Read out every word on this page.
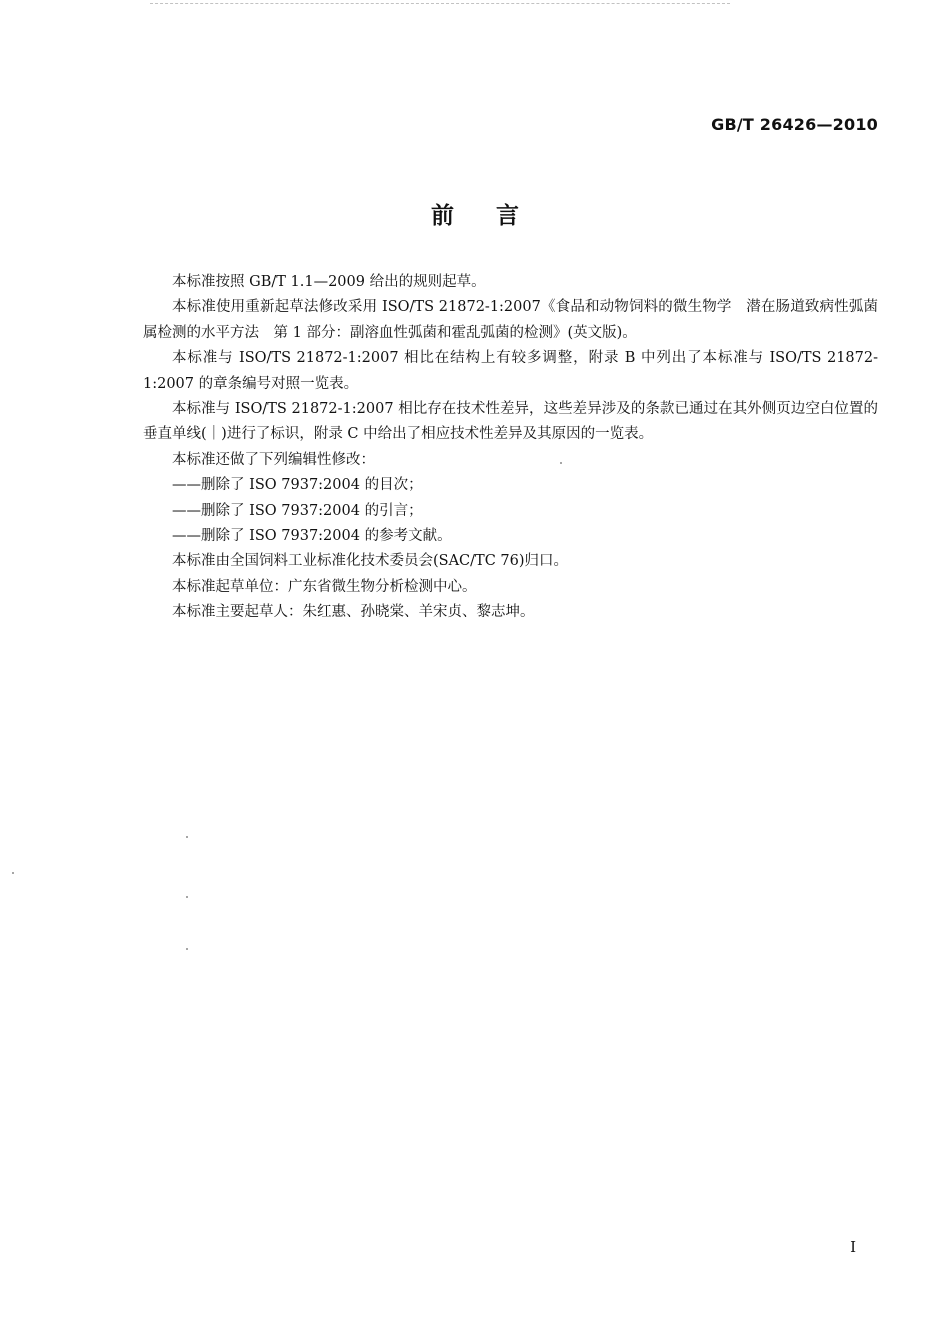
GB/T 26426—2010
前言

本标准按照 GB/T 1.1—2009 给出的规则起草。

本标准使用重新起草法修改采用 ISO/TS 21872-1:2007《食品和动物饲料的微生物学　潜在肠道致病性弧菌属检测的水平方法　第 1 部分：副溶血性弧菌和霍乱弧菌的检测》(英文版)。

本标准与 ISO/TS 21872-1:2007 相比在结构上有较多调整，附录 B 中列出了本标准与 ISO/TS 21872-1:2007 的章条编号对照一览表。

本标准与 ISO/TS 21872-1:2007 相比存在技术性差异，这些差异涉及的条款已通过在其外侧页边空白位置的垂直单线(｜)进行了标识，附录 C 中给出了相应技术性差异及其原因的一览表。

本标准还做了下列编辑性修改：

——删除了 ISO 7937:2004 的目次；

——删除了 ISO 7937:2004 的引言；

——删除了 ISO 7937:2004 的参考文献。

本标准由全国饲料工业标准化技术委员会(SAC/TC 76)归口。

本标准起草单位：广东省微生物分析检测中心。

本标准主要起草人：朱红惠、孙晓棠、羊宋贞、黎志坤。

I
